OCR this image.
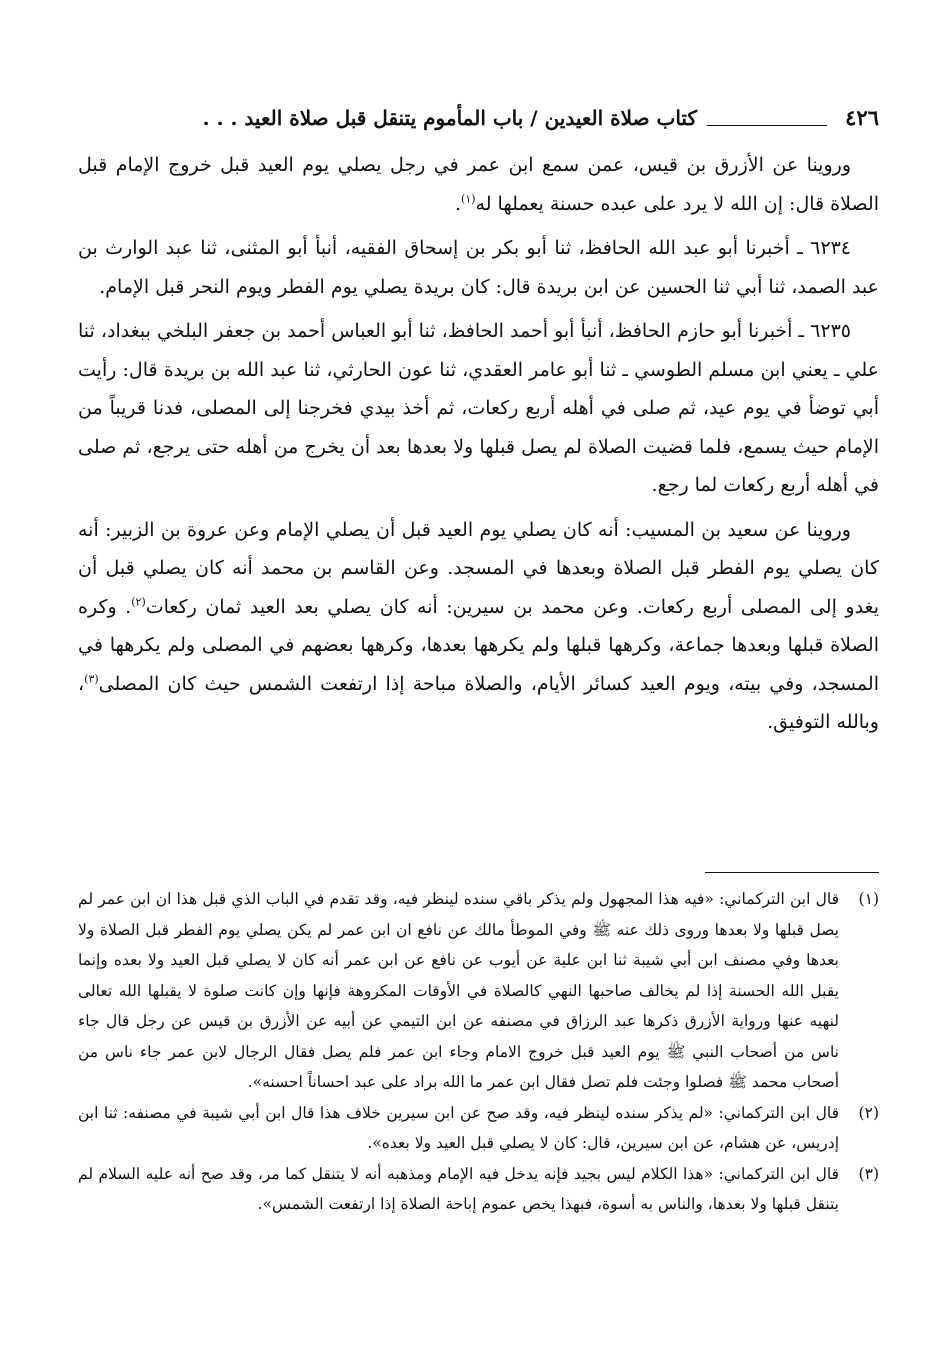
٤٢٦
كتاب صلاة العيدين / باب المأموم يتنقل قبل صلاة العيد . . .

وروينا عن الأزرق بن قيس، عمن سمع ابن عمر في رجل يصلي يوم العيد قبل خروج الإمام قبل الصلاة قال: إن الله لا يرد على عبده حسنة يعملها له$^{(١)}$.

٦٢٣٤ ـ أخبرنا أبو عبد الله الحافظ، ثنا أبو بكر بن إسحاق الفقيه، أنبأ أبو المثنى، ثنا عبد الوارث بن عبد الصمد، ثنا أبي ثنا الحسين عن ابن بريدة قال: كان بريدة يصلي يوم الفطر ويوم النحر قبل الإمام.

٦٢٣٥ ـ أخبرنا أبو حازم الحافظ، أنبأ أبو أحمد الحافظ، ثنا أبو العباس أحمد بن جعفر البلخي ببغداد، ثنا علي ـ يعني ابن مسلم الطوسي ـ ثنا أبو عامر العقدي، ثنا عون الحارثي، ثنا عبد الله بن بريدة قال: رأيت أبي توضأ في يوم عيد، ثم صلى في أهله أربع ركعات، ثم أخذ بيدي فخرجنا إلى المصلى، فدنا قريباً من الإمام حيث يسمع، فلما قضيت الصلاة لم يصل قبلها ولا بعدها بعد أن يخرج من أهله حتى يرجع، ثم صلى في أهله أربع ركعات لما رجع.

وروينا عن سعيد بن المسيب: أنه كان يصلي يوم العيد قبل أن يصلي الإمام وعن عروة بن الزبير: أنه كان يصلي يوم الفطر قبل الصلاة وبعدها في المسجد. وعن القاسم بن محمد أنه كان يصلي قبل أن يغدو إلى المصلى أربع ركعات. وعن محمد بن سيرين: أنه كان يصلي بعد العيد ثمان ركعات$^{(٢)}$. وكره الصلاة قبلها وبعدها جماعة، وكرهها قبلها ولم يكرهها بعدها، وكرهها بعضهم في المصلى ولم يكرهها في المسجد، وفي بيته، ويوم العيد كسائر الأيام، والصلاة مباحة إذا ارتفعت الشمس حيث كان المصلى$^{(٣)}$، وبالله التوفيق.

(١)
قال ابن التركماني: «فيه هذا المجهول ولم يذكر باقي سنده لينظر فيه، وقد تقدم في الباب الذي قبل هذا ان ابن عمر لم يصل قبلها ولا بعدها وروى ذلك عنه ﷺ وفي الموطأ مالك عن نافع ان ابن عمر لم يكن يصلي يوم الفطر قبل الصلاة ولا بعدها وفي مصنف ابن أبي شيبة ثنا ابن علية عن أيوب عن نافع عن ابن عمر أنه كان لا يصلي قبل العيد ولا بعده وإنما يقبل الله الحسنة إذا لم يخالف صاحبها النهي كالصلاة في الأوقات المكروهة فإنها وإن كانت صلوة لا يقبلها الله تعالى لنهيه عنها ورواية الأزرق ذكرها عبد الرزاق في مصنفه عن ابن التيمي عن أبيه عن الأزرق بن قيس عن رجل قال جاء ناس من أصحاب النبي ﷺ يوم العيد قبل خروج الامام وجاء ابن عمر فلم يصل فقال الرجال لابن عمر جاء ناس من أصحاب محمد ﷺ فصلوا وجئت فلم تصل فقال ابن عمر ما الله براد على عبد احساناً احسنه».

(٢)
قال ابن التركماني: «لم يذكر سنده لينظر فيه، وقد صح عن ابن سيرين خلاف هذا قال ابن أبي شيبة في مصنفه: ثنا ابن إدريس، عن هشام، عن ابن سيرين، قال: كان لا يصلي قبل العيد ولا بعده».

(٣)
قال ابن التركماني: «هذا الكلام ليس بجيد فإنه يدخل فيه الإمام ومذهبه أنه لا يتنقل كما مر، وقد صح أنه عليه السلام لم يتنقل قبلها ولا بعدها، والناس به أسوة، فبهذا يخص عموم إباحة الصلاة إذا ارتفعت الشمس».
